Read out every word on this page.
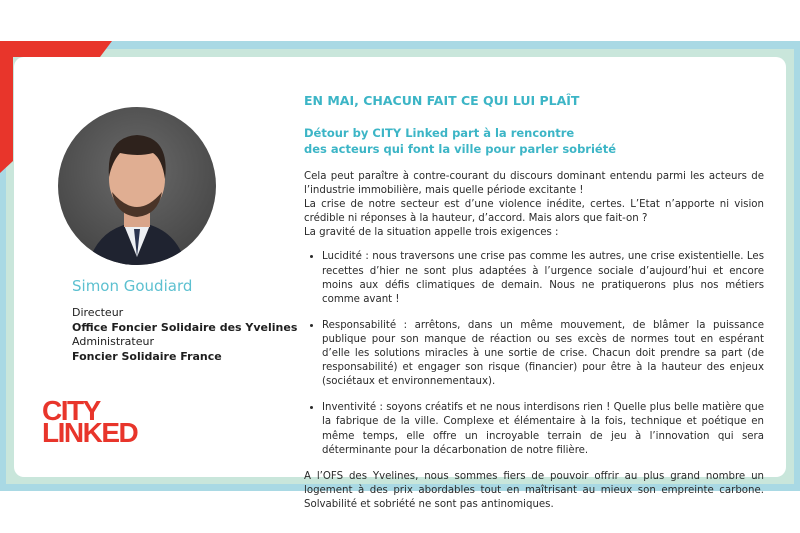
Simon Goudiard
Directeur
Office Foncier Solidaire des Yvelines
Administrateur
Foncier Solidaire France
CITY
LINKED
EN MAI, CHACUN FAIT CE QUI LUI PLAÎT
Détour by CITY Linked part à la rencontre
des acteurs qui font la ville pour parler sobriété

Cela peut paraître à contre-courant du discours dominant entendu parmi les acteurs de l’industrie immobilière, mais quelle période excitante !

La crise de notre secteur est d’une violence inédite, certes. L’Etat n’apporte ni vision crédible ni réponses à la hauteur, d’accord. Mais alors que fait-on ?

La gravité de la situation appelle trois exigences :

• Lucidité : nous traversons une crise pas comme les autres, une crise existentielle. Les recettes d’hier ne sont plus adaptées à l’urgence sociale d’aujourd’hui et encore moins aux défis climatiques de demain. Nous ne pratiquerons plus nos métiers comme avant !
• Responsabilité : arrêtons, dans un même mouvement, de blâmer la puissance publique pour son manque de réaction ou ses excès de normes tout en espérant d’elle les solutions miracles à une sortie de crise. Chacun doit prendre sa part (de responsabilité) et engager son risque (financier) pour être à la hauteur des enjeux (sociétaux et environnementaux).
• Inventivité : soyons créatifs et ne nous interdisons rien ! Quelle plus belle matière que la fabrique de la ville. Complexe et élémentaire à la fois, technique et poétique en même temps, elle offre un incroyable terrain de jeu à l’innovation qui sera déterminante pour la décarbonation de notre filière.

A l’OFS des Yvelines, nous sommes fiers de pouvoir offrir au plus grand nombre un logement à des prix abordables tout en maîtrisant au mieux son empreinte carbone. Solvabilité et sobriété ne sont pas antinomiques.
